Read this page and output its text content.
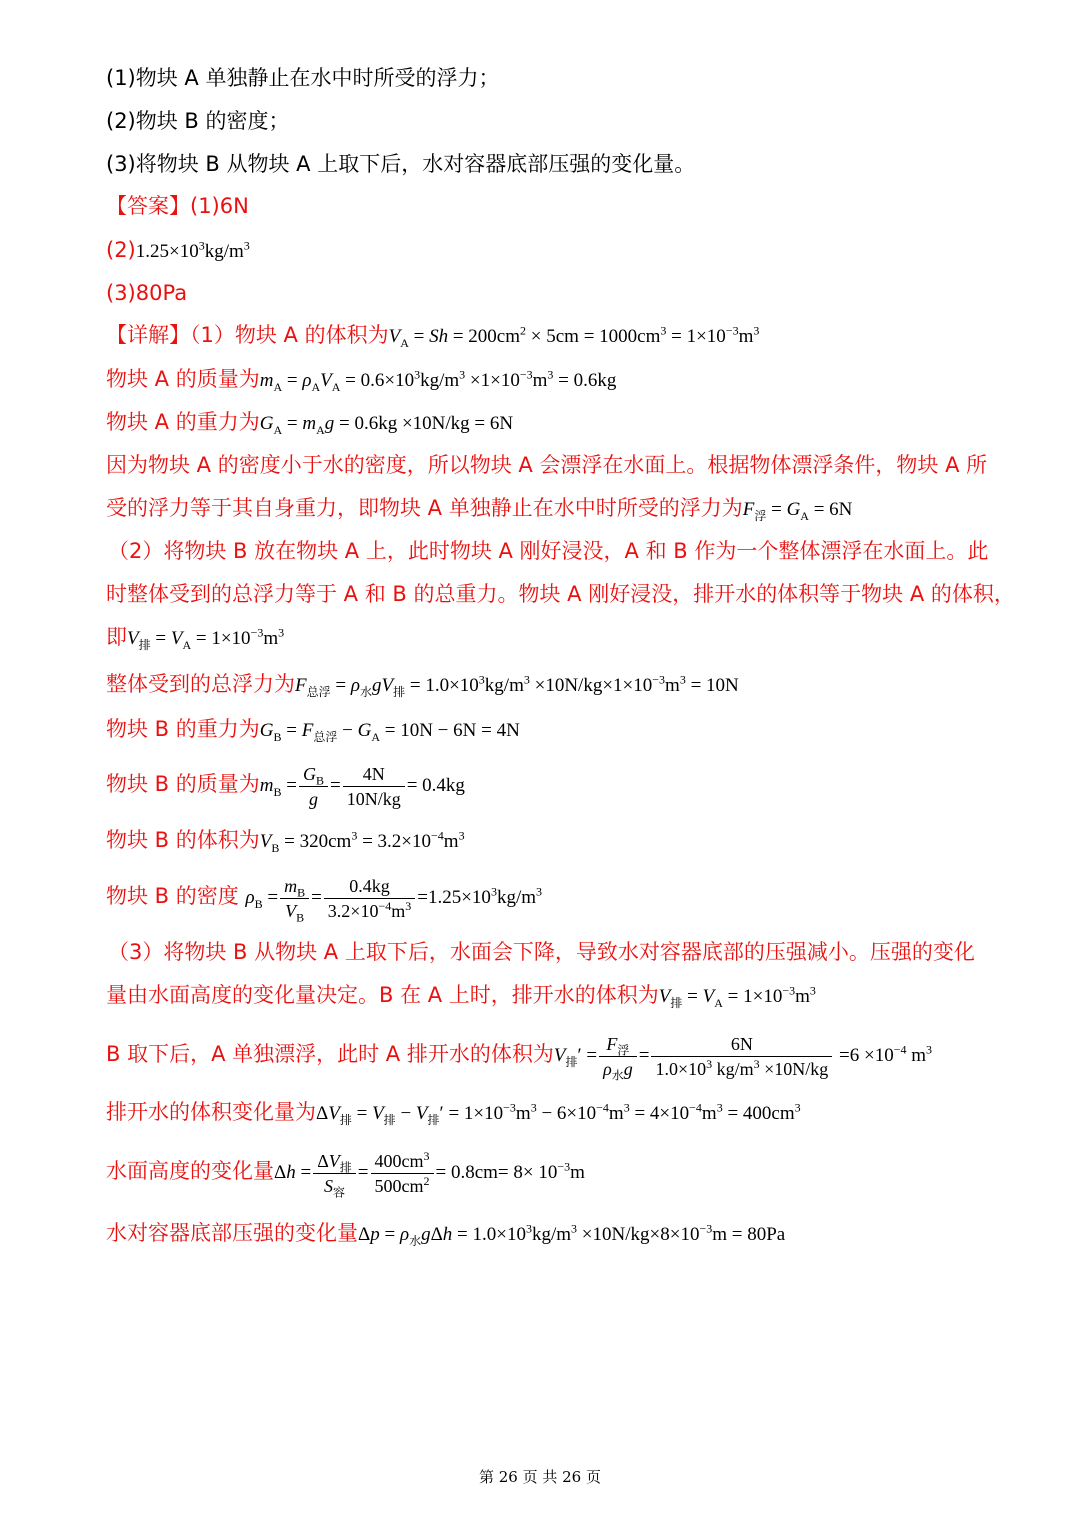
(1)物块 A 单独静止在水中时所受的浮力；
(2)物块 B 的密度；
(3)将物块 B 从物块 A 上取下后，水对容器底部压强的变化量。
【答案】(1)6N
$(2)1.25\times 10^3kg/m^3$
(3)80Pa
【详解】（1）物块 A 的体积为$V_A = Sh = 200cm^2 \times 5cm = 1000cm^3 = 1\times 10^{-3}m^3$
物块 A 的质量为$m_A = \rho_AV_A = 0.6\times 10^3kg/m^3 \times 1\times 10^{-3}m^3 = 0.6kg$
物块 A 的重力为$G_A = m_Ag = 0.6kg \times 10N/kg = 6N$
因为物块 A 的密度小于水的密度，所以物块 A 会漂浮在水面上。根据物体漂浮条件，物块 A 所
受的浮力等于其自身重力，即物块 A 单独静止在水中时所受的浮力为$F_浮 = G_A = 6N$
（2）将物块 B 放在物块 A 上，此时物块 A 刚好浸没，A 和 B 作为一个整体漂浮在水面上。此
时整体受到的总浮力等于 A 和 B 的总重力。物块 A 刚好浸没，排开水的体积等于物块 A 的体积，
即$V_排 = V_A = 1\times 10^{-3}m^3$
整体受到的总浮力为$F_{总浮} = \rho_水gV_排 = 1.0\times 10^3kg/m^3 \times 10N/kg\times 1\times 10^{-3}m^3 = 10N$
物块 B 的重力为$G_B = F_{总浮} - G_A = 10N - 6N = 4N$
物块 B 的质量为$m_B = \frac{G_B}{g} = \frac{4N}{10N/kg} = 0.4kg$
物块 B 的体积为$V_B = 320cm^3 = 3.2\times 10^{-4}m^3$
物块 B 的密度 $\rho_B = \frac{m_B}{V_B} = \frac{0.4kg}{3.2\times 10^{-4}m^3} =1.25\times 10^3kg/m^3$
（3）将物块 B 从物块 A 上取下后，水面会下降，导致水对容器底部的压强减小。压强的变化
量由水面高度的变化量决定。B 在 A 上时，排开水的体积为$V_排 = V_A = 1\times 10^{-3}m^3$
B 取下后，A 单独漂浮，此时 A 排开水的体积为$V_排'$ =
$F_浮$
$\rho_水g$
= $\frac{6N}{1.0\times 10^3 kg/m^3 \times 10N/kg} =6 \times 10^{-4}$ $m^3$
排开水的体积变化量为$\Delta V_排 = V_排 - V_排' = 1\times 10^{-3}m^3 - 6\times 10^{-4}m^3 = 4\times 10^{-4}m^3 = 400cm^3$
水面高度的变化量Δh =
$\Delta V_排$
$S_容$
= $\frac{400cm^3}{500cm^2} = 0.8cm= 8\times 10^{-3}m$
水对容器底部压强的变化量$\Delta p = \rho_水g\Delta h = 1.0\times 10^3kg/m^3 \times 10N/kg\times 8\times 10^{-3}m = 80Pa$
第 26 页 共 26 页
